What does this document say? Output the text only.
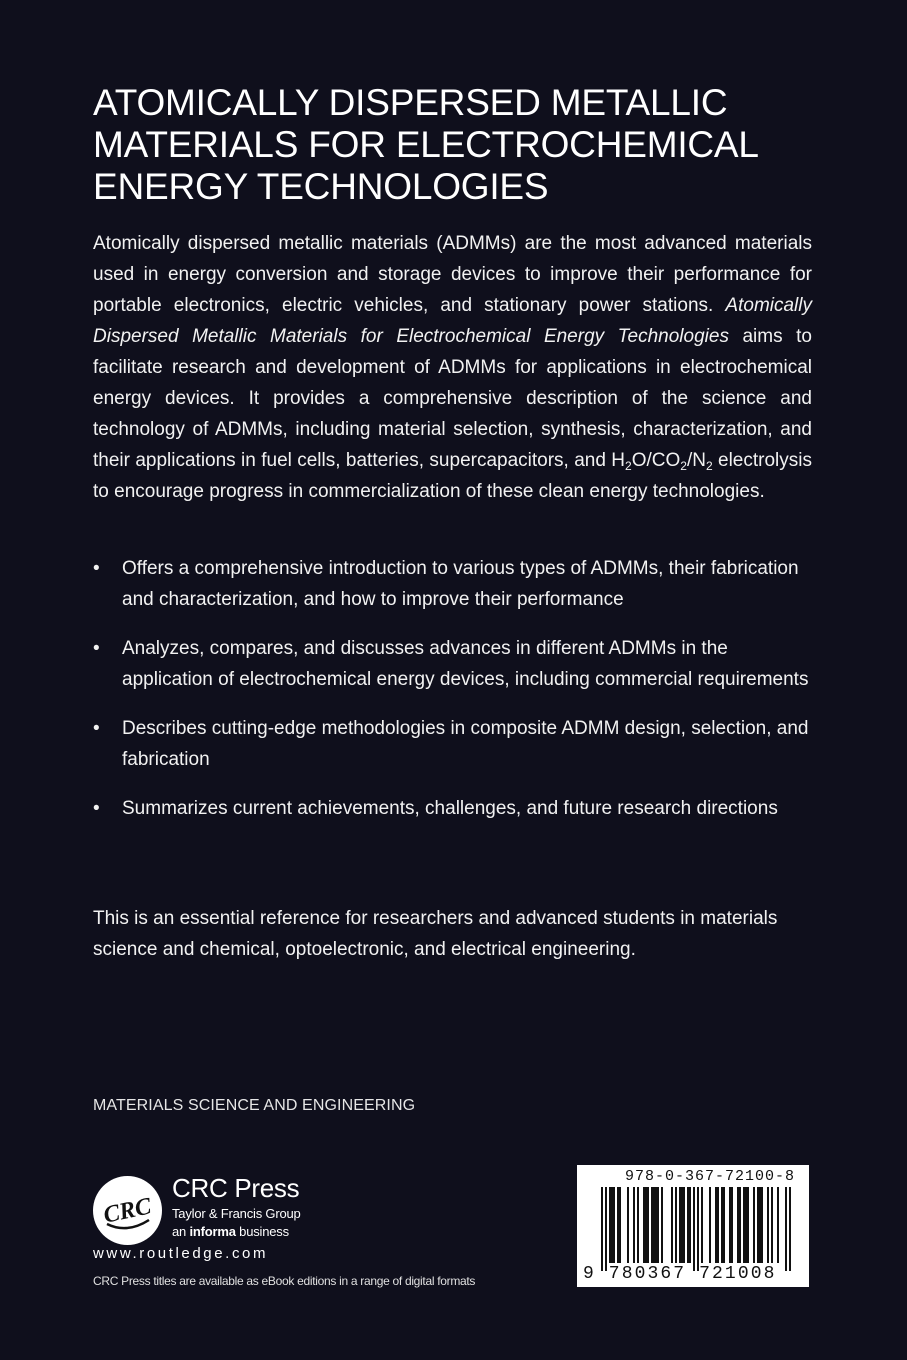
ATOMICALLY DISPERSED METALLIC
MATERIALS FOR ELECTROCHEMICAL
ENERGY TECHNOLOGIES

Atomically dispersed metallic materials (ADMMs) are the most advanced materials used in energy conversion and storage devices to improve their performance for portable electronics, electric vehicles, and stationary power stations. Atomically Dispersed Metallic Materials for Electrochemical Energy Technologies aims to facilitate research and development of ADMMs for applications in electrochemical energy devices. It provides a comprehensive description of the science and technology of ADMMs, including material selection, synthesis, characterization, and their applications in fuel cells, batteries, supercapacitors, and $H_2O/CO_2/N_2$ electrolysis to encourage progress in commercialization of these clean energy technologies.

• Offers a comprehensive introduction to various types of ADMMs, their fabrication and characterization, and how to improve their performance
• Analyzes, compares, and discusses advances in different ADMMs in the application of electrochemical energy devices, including commercial requirements
• Describes cutting-edge methodologies in composite ADMM design, selection, and fabrication
• Summarizes current achievements, challenges, and future research directions

This is an essential reference for researchers and advanced students in materials science and chemical, optoelectronic, and electrical engineering.

MATERIALS SCIENCE AND ENGINEERING
CRC
CRC Press
Taylor & Francis Group
an informa business
www.routledge.com
CRC Press titles are available as eBook editions in a range of digital formats
978-0-367-72100-8
9 780367 721008
